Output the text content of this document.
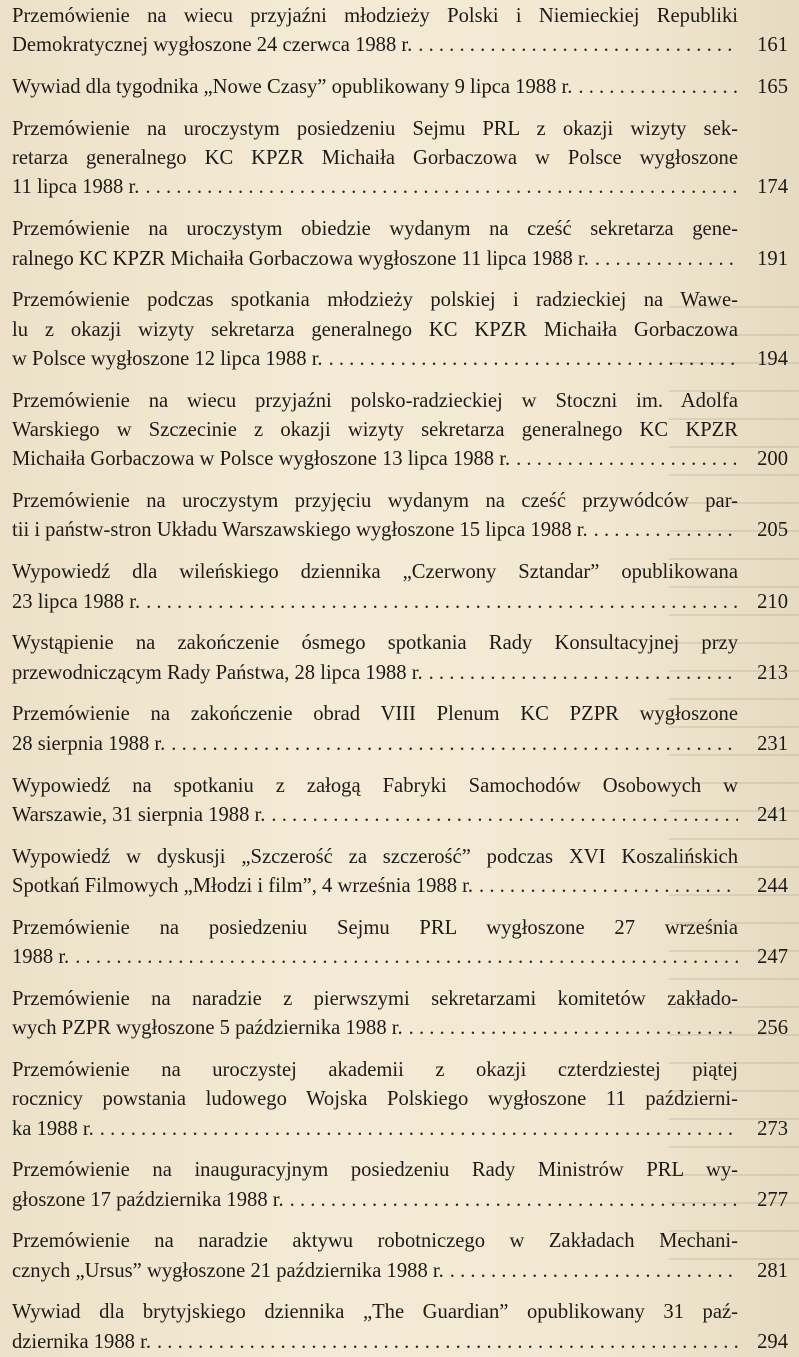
Przemówienie na wiecu przyjaźni młodzieży Polski i Niemieckiej Republiki
Demokratycznej wygłoszone 24 czerwca 1988 r. . . .	161
Wywiad dla tygodnika „Nowe Czasy” opublikowany 9 lipca 1988 r. . . .	165
Przemówienie na uroczystym posiedzeniu Sejmu PRL z okazji wizyty sek-
retarza generalnego KC KPZR Michaiła Gorbaczowa w Polsce wygłoszone
11 lipca 1988 r. . . .	174
Przemówienie na uroczystym obiedzie wydanym na cześć sekretarza gene-
ralnego KC KPZR Michaiła Gorbaczowa wygłoszone 11 lipca 1988 r. . . .	191
Przemówienie podczas spotkania młodzieży polskiej i radzieckiej na Wawe-
lu z okazji wizyty sekretarza generalnego KC KPZR Michaiła Gorbaczowa
w Polsce wygłoszone 12 lipca 1988 r. . . .	194
Przemówienie na wiecu przyjaźni polsko-radzieckiej w Stoczni im. Adolfa
Warskiego w Szczecinie z okazji wizyty sekretarza generalnego KC KPZR
Michaiła Gorbaczowa w Polsce wygłoszone 13 lipca 1988 r. . . .	200
Przemówienie na uroczystym przyjęciu wydanym na cześć przywódców par-
tii i państw-stron Układu Warszawskiego wygłoszone 15 lipca 1988 r. . . .	205
Wypowiedź dla wileńskiego dziennika „Czerwony Sztandar” opublikowana
23 lipca 1988 r. . . .	210
Wystąpienie na zakończenie ósmego spotkania Rady Konsultacyjnej przy
przewodniczącym Rady Państwa, 28 lipca 1988 r. . . .	213
Przemówienie na zakończenie obrad VIII Plenum KC PZPR wygłoszone
28 sierpnia 1988 r. . . .	231
Wypowiedź na spotkaniu z załogą Fabryki Samochodów Osobowych w
Warszawie, 31 sierpnia 1988 r. . . .	241
Wypowiedź w dyskusji „Szczerość za szczerość” podczas XVI Koszalińskich
Spotkań Filmowych „Młodzi i film”, 4 września 1988 r. . . .	244
Przemówienie na posiedzeniu Sejmu PRL wygłoszone 27 września
1988 r. . . .	247
Przemówienie na naradzie z pierwszymi sekretarzami komitetów zakłado-
wych PZPR wygłoszone 5 października 1988 r. . . .	256
Przemówienie na uroczystej akademii z okazji czterdziestej piątej
rocznicy powstania ludowego Wojska Polskiego wygłoszone 11 październi-
ka 1988 r. . . .	273
Przemówienie na inauguracyjnym posiedzeniu Rady Ministrów PRL wy-
głoszone 17 października 1988 r. . . .	277
Przemówienie na naradzie aktywu robotniczego w Zakładach Mechani-
cznych „Ursus” wygłoszone 21 października 1988 r. . . .	281
Wywiad dla brytyjskiego dziennika „The Guardian” opublikowany 31 paź-
dziernika 1988 r. . . .	294
